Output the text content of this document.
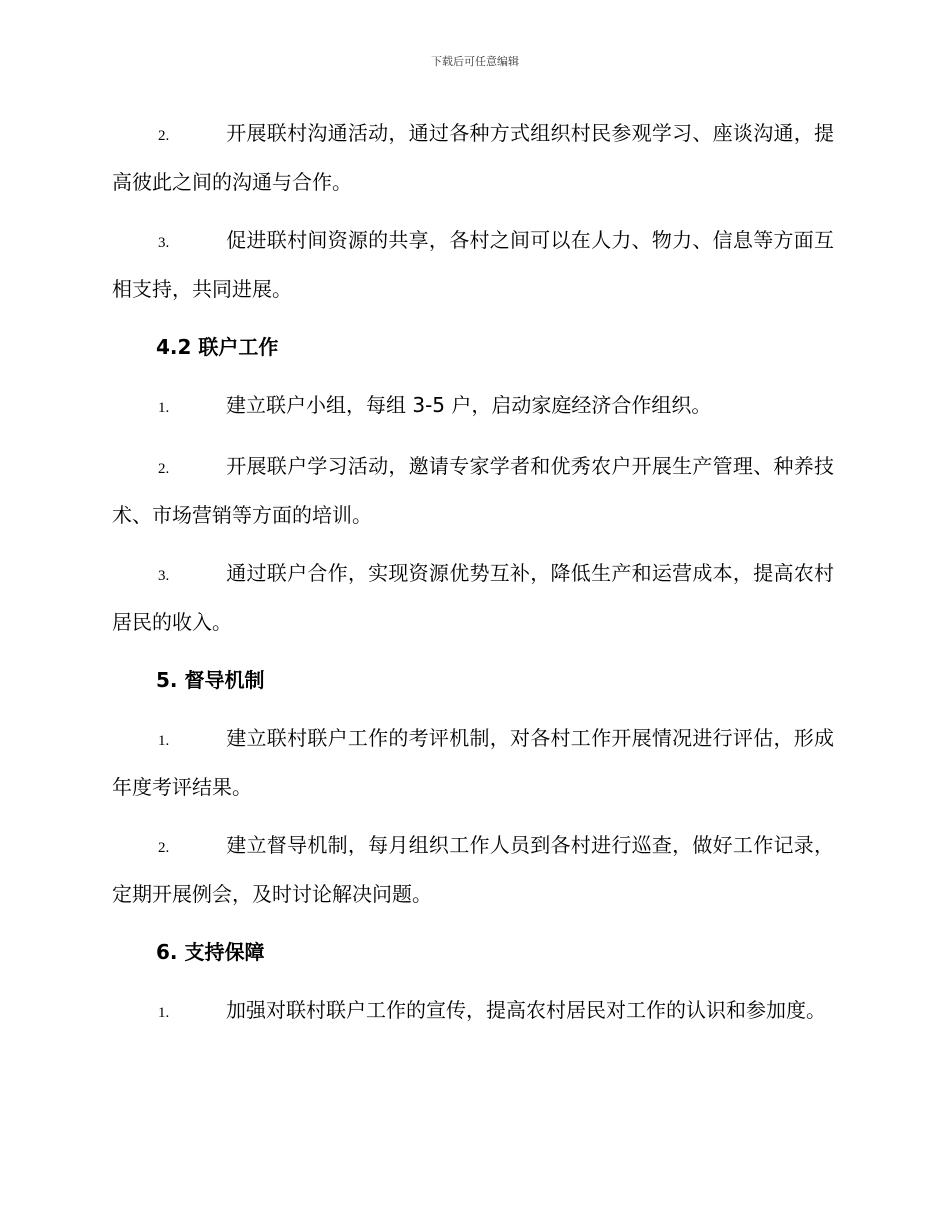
下载后可任意编辑

2.	开展联村沟通活动，通过各种方式组织村民参观学习、座谈沟通，提高彼此之间的沟通与合作。

3.	促进联村间资源的共享，各村之间可以在人力、物力、信息等方面互相支持，共同进展。

4.2 联户工作

1.	建立联户小组，每组 3-5 户，启动家庭经济合作组织。

2.	开展联户学习活动，邀请专家学者和优秀农户开展生产管理、种养技术、市场营销等方面的培训。

3.	通过联户合作，实现资源优势互补，降低生产和运营成本，提高农村居民的收入。

5. 督导机制

1.	建立联村联户工作的考评机制，对各村工作开展情况进行评估，形成年度考评结果。

2.	建立督导机制，每月组织工作人员到各村进行巡查，做好工作记录，定期开展例会，及时讨论解决问题。

6. 支持保障

1.	加强对联村联户工作的宣传，提高农村居民对工作的认识和参加度。
